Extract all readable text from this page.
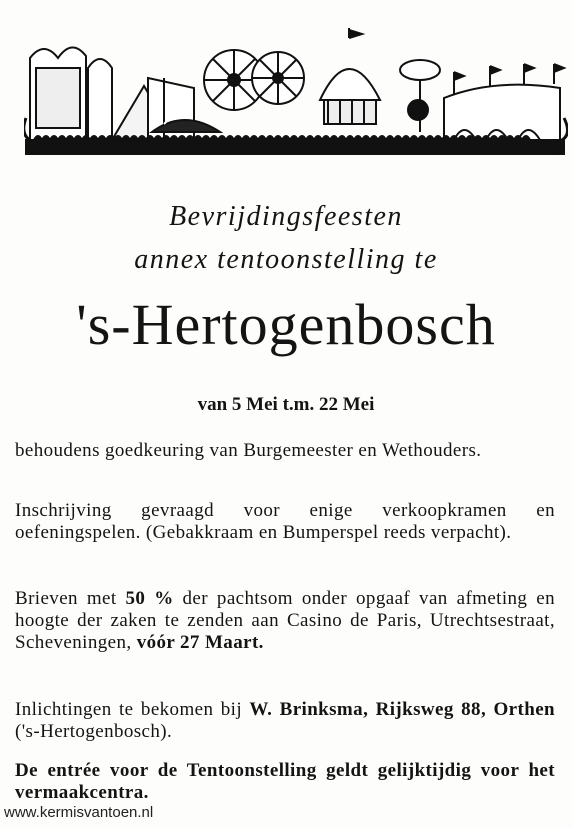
Bevrijdingsfeesten
annex tentoonstelling te
's-Hertogenbosch
van 5 Mei t.m. 22 Mei
behoudens goedkeuring van Burgemeester en Wethouders.
Inschrijving gevraagd voor enige verkoopkramen en oefeningspelen. (Gebakkraam en Bumperspel reeds verpacht).
Brieven met 50 % der pachtsom onder opgaaf van afmeting en hoogte der zaken te zenden aan Casino de Paris, Utrechtsestraat, Scheveningen, vóór 27 Maart.
Inlichtingen te bekomen bij W. Brinksma, Rijksweg 88, Orthen ('s-Hertogenbosch).
De entrée voor de Tentoonstelling geldt gelijktijdig voor het vermaakcentra.
www.kermisvantoen.nl
